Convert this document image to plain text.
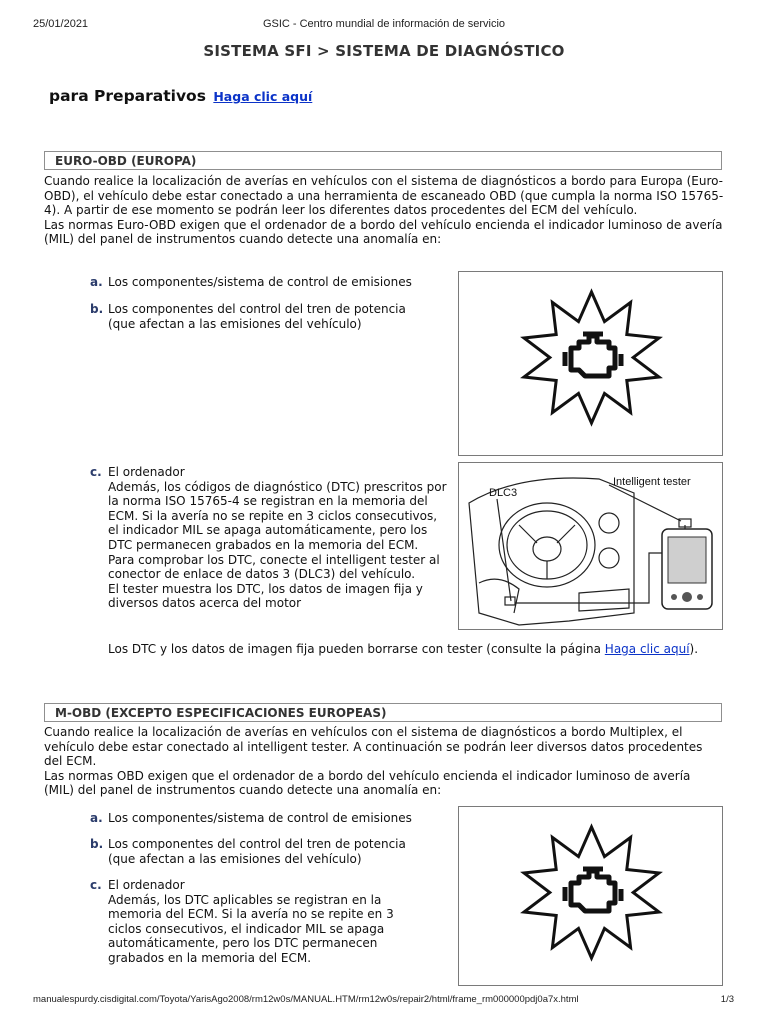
25/01/2021	GSIC - Centro mundial de información de servicio
SISTEMA SFI > SISTEMA DE DIAGNÓSTICO
para Preparativos Haga clic aquí
EURO-OBD (EUROPA)

Cuando realice la localización de averías en vehículos con el sistema de diagnósticos a bordo para Europa (Euro-OBD), el vehículo debe estar conectado a una herramienta de escaneado OBD (que cumpla la norma ISO 15765-4). A partir de ese momento se podrán leer los diferentes datos procedentes del ECM del vehículo.

Las normas Euro-OBD exigen que el ordenador de a bordo del vehículo encienda el indicador luminoso de avería (MIL) del panel de instrumentos cuando detecte una anomalía en:

a. Los componentes/sistema de control de emisiones
b. Los componentes del control del tren de potencia
(que afectan a las emisiones del vehículo)
c. El ordenador
Además, los códigos de diagnóstico (DTC) prescritos por la norma ISO 15765-4 se registran en la memoria del ECM. Si la avería no se repite en 3 ciclos consecutivos, el indicador MIL se apaga automáticamente, pero los DTC permanecen grabados en la memoria del ECM.
Para comprobar los DTC, conecte el intelligent tester al conector de enlace de datos 3 (DLC3) del vehículo.
El tester muestra los DTC, los datos de imagen fija y diversos datos acerca del motor
DLC3
Intelligent tester
Los DTC y los datos de imagen fija pueden borrarse con tester (consulte la página Haga clic aquí).
M-OBD (EXCEPTO ESPECIFICACIONES EUROPEAS)

Cuando realice la localización de averías en vehículos con el sistema de diagnósticos a bordo Multiplex, el vehículo debe estar conectado al intelligent tester. A continuación se podrán leer diversos datos procedentes del ECM.

Las normas OBD exigen que el ordenador de a bordo del vehículo encienda el indicador luminoso de avería (MIL) del panel de instrumentos cuando detecte una anomalía en:

a. Los componentes/sistema de control de emisiones
b. Los componentes del control del tren de potencia
(que afectan a las emisiones del vehículo)
c. El ordenador
Además, los DTC aplicables se registran en la memoria del ECM. Si la avería no se repite en 3 ciclos consecutivos, el indicador MIL se apaga automáticamente, pero los DTC permanecen grabados en la memoria del ECM.
manualespurdy.cisdigital.com/Toyota/YarisAgo2008/rm12w0s/MANUAL.HTM/rm12w0s/repair2/html/frame_rm000000pdj0a7x.html	1/3
